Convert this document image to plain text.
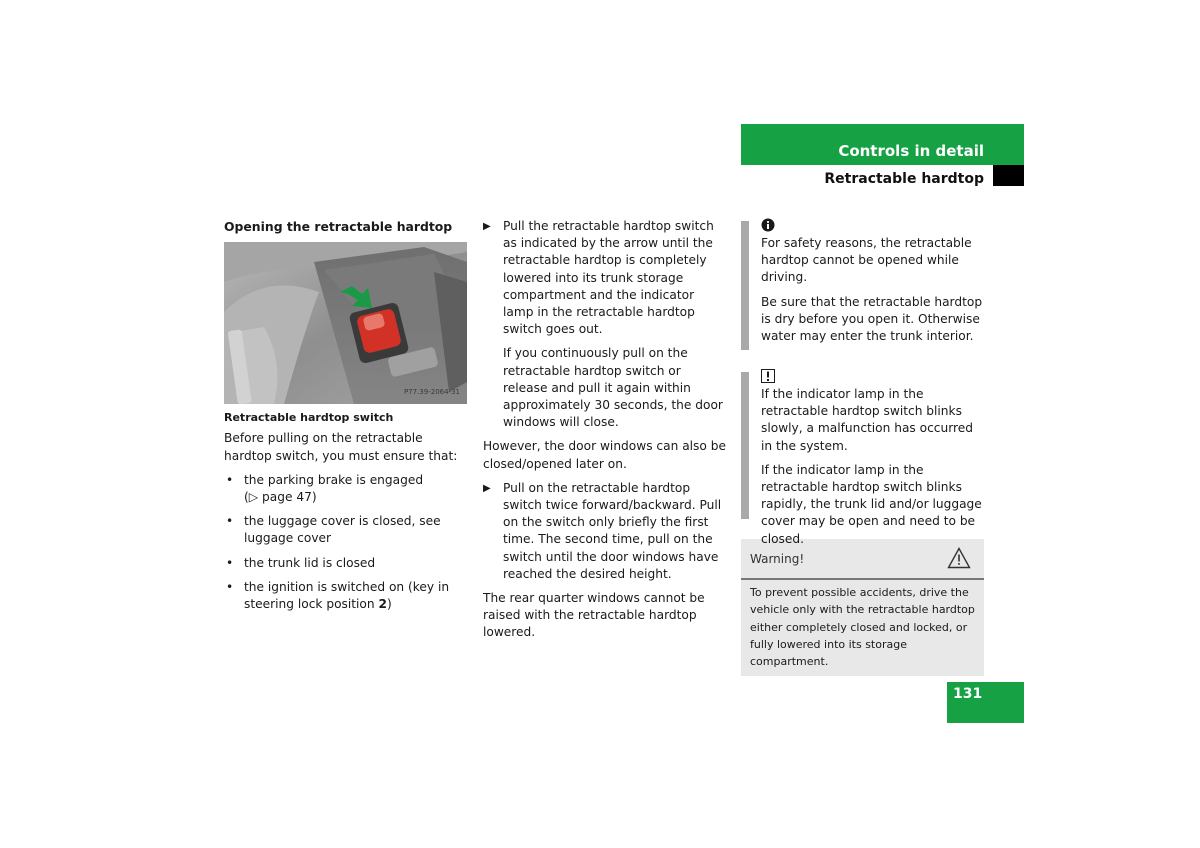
Controls in detail
Retractable hardtop

Opening the retractable hardtop

P77.39-2064-31

Retractable hardtop switch

Before pulling on the retractable hardtop switch, you must ensure that:

• the parking brake is engaged
(▷ page 47)
• the luggage cover is closed, see luggage cover
• the trunk lid is closed
• the ignition is switched on (key in steering lock position 2)

▶ Pull the retractable hardtop switch as indicated by the arrow until the retractable hardtop is completely lowered into its trunk storage compartment and the indicator lamp in the retractable hardtop switch goes out.

If you continuously pull on the retractable hardtop switch or release and pull it again within approximately 30 seconds, the door windows will close.

However, the door windows can also be closed/opened later on.

▶ Pull on the retractable hardtop switch twice forward/backward. Pull on the switch only briefly the first time. The second time, pull on the switch until the door windows have reached the desired height.

The rear quarter windows cannot be raised with the retractable hardtop lowered.

For safety reasons, the retractable hardtop cannot be opened while driving.

Be sure that the retractable hardtop is dry before you open it. Otherwise water may enter the trunk interior.

If the indicator lamp in the retractable hardtop switch blinks slowly, a malfunction has occurred in the system.

If the indicator lamp in the retractable hardtop switch blinks rapidly, the trunk lid and/or luggage cover may be open and need to be closed.

Warning!
To prevent possible accidents, drive the vehicle only with the retractable hardtop either completely closed and locked, or fully lowered into its storage compartment.
131
